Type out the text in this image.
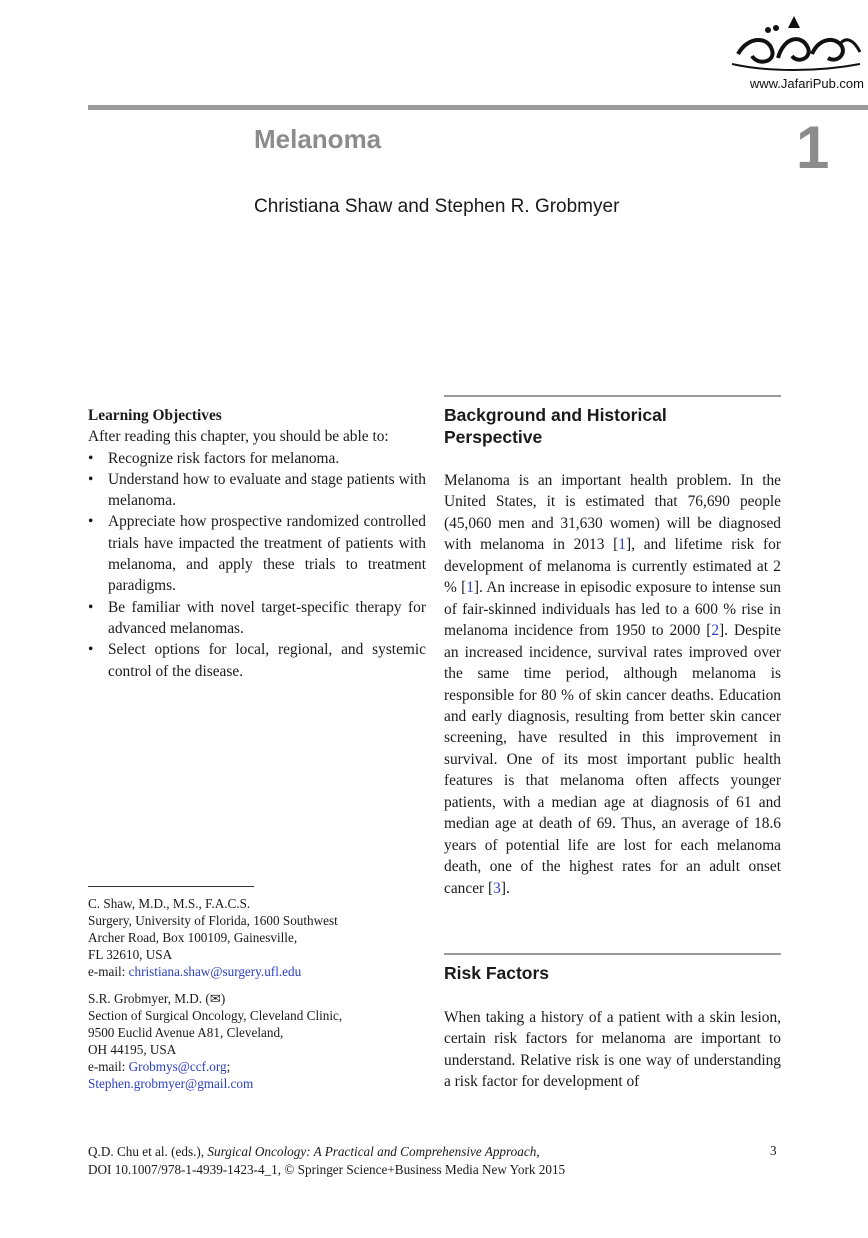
www.JafariPub.com
Melanoma	1
Christiana Shaw and Stephen R. Grobmyer
Learning Objectives
After reading this chapter, you should be able to:
• Recognize risk factors for melanoma.
• Understand how to evaluate and stage patients with melanoma.
• Appreciate how prospective randomized controlled trials have impacted the treatment of patients with melanoma, and apply these trials to treatment paradigms.
• Be familiar with novel target-specific therapy for advanced melanomas.
• Select options for local, regional, and systemic control of the disease.
C. Shaw, M.D., M.S., F.A.C.S.
Surgery, University of Florida, 1600 Southwest
Archer Road, Box 100109, Gainesville,
FL 32610, USA
e-mail: christiana.shaw@surgery.ufl.edu
S.R. Grobmyer, M.D. (✉)
Section of Surgical Oncology, Cleveland Clinic,
9500 Euclid Avenue A81, Cleveland,
OH 44195, USA
e-mail: Grobmys@ccf.org;
Stephen.grobmyer@gmail.com
Background and Historical
Perspective
Melanoma is an important health problem. In the United States, it is estimated that 76,690 people (45,060 men and 31,630 women) will be diagnosed with melanoma in 2013 [1], and lifetime risk for development of melanoma is currently estimated at 2 % [1]. An increase in episodic exposure to intense sun of fair-skinned individuals has led to a 600 % rise in melanoma incidence from 1950 to 2000 [2]. Despite an increased incidence, survival rates improved over the same time period, although melanoma is responsible for 80 % of skin cancer deaths. Education and early diagnosis, resulting from better skin cancer screening, have resulted in this improvement in survival. One of its most important public health features is that melanoma often affects younger patients, with a median age at diagnosis of 61 and median age at death of 69. Thus, an average of 18.6 years of potential life are lost for each melanoma death, one of the highest rates for an adult onset cancer [3].
Risk Factors
When taking a history of a patient with a skin lesion, certain risk factors for melanoma are important to understand. Relative risk is one way of understanding a risk factor for development of
Q.D. Chu et al. (eds.), Surgical Oncology: A Practical and Comprehensive Approach,
DOI 10.1007/978-1-4939-1423-4_1, © Springer Science+Business Media New York 2015
3
